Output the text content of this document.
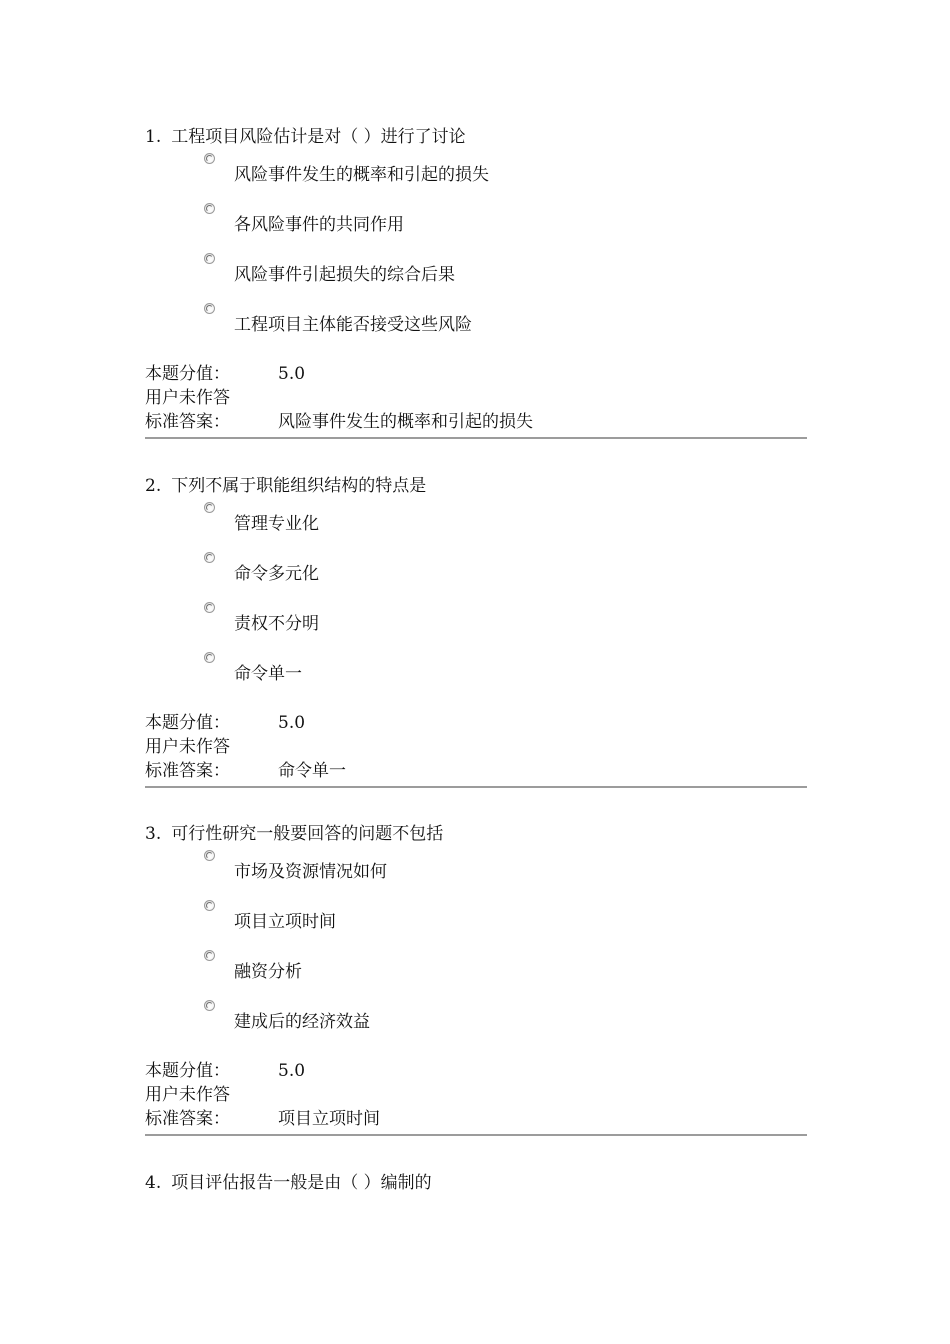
1. 工程项目风险估计是对（ ）进行了讨论
风险事件发生的概率和引起的损失
各风险事件的共同作用
风险事件引起损失的综合后果
工程项目主体能否接受这些风险
本题分值：	5.0
用户未作答
标准答案：	风险事件发生的概率和引起的损失
2. 下列不属于职能组织结构的特点是
管理专业化
命令多元化
责权不分明
命令单一
本题分值：	5.0
用户未作答
标准答案：	命令单一
3. 可行性研究一般要回答的问题不包括
市场及资源情况如何
项目立项时间
融资分析
建成后的经济效益
本题分值：	5.0
用户未作答
标准答案：	项目立项时间
4. 项目评估报告一般是由（ ）编制的
